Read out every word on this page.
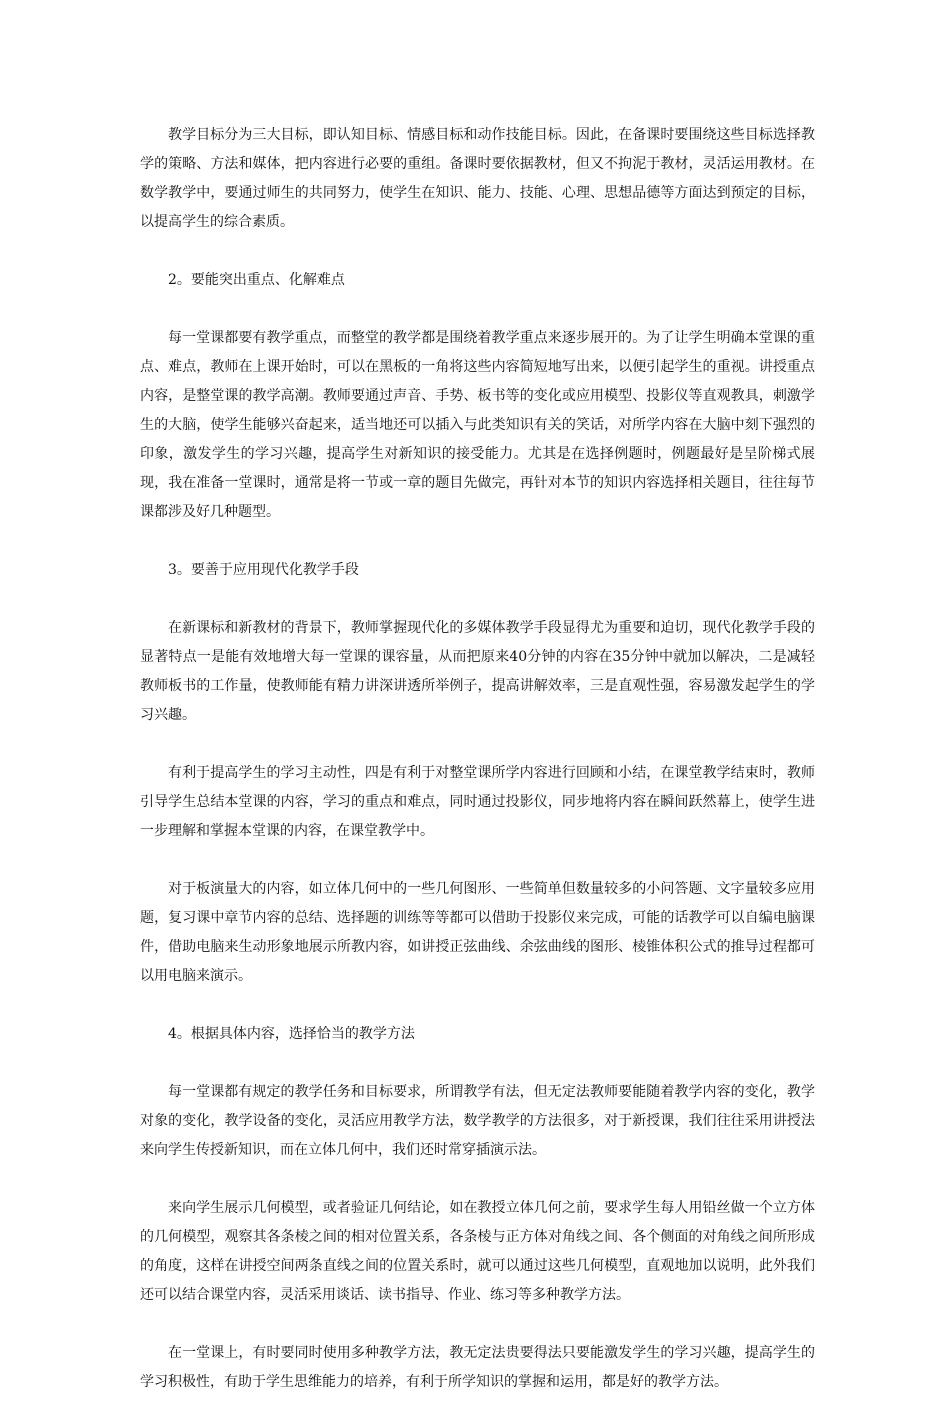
教学目标分为三大目标，即认知目标、情感目标和动作技能目标。因此，在备课时要围绕这些目标选择教学的策略、方法和媒体，把内容进行必要的重组。备课时要依据教材，但又不拘泥于教材，灵活运用教材。在数学教学中，要通过师生的共同努力，使学生在知识、能力、技能、心理、思想品德等方面达到预定的目标，以提高学生的综合素质。

2。要能突出重点、化解难点

每一堂课都要有教学重点，而整堂的教学都是围绕着教学重点来逐步展开的。为了让学生明确本堂课的重点、难点，教师在上课开始时，可以在黑板的一角将这些内容简短地写出来，以便引起学生的重视。讲授重点内容，是整堂课的教学高潮。教师要通过声音、手势、板书等的变化或应用模型、投影仪等直观教具，刺激学生的大脑，使学生能够兴奋起来，适当地还可以插入与此类知识有关的笑话，对所学内容在大脑中刻下强烈的印象，激发学生的学习兴趣，提高学生对新知识的接受能力。尤其是在选择例题时，例题最好是呈阶梯式展现，我在准备一堂课时，通常是将一节或一章的题目先做完，再针对本节的知识内容选择相关题目，往往每节课都涉及好几种题型。

3。要善于应用现代化教学手段

在新课标和新教材的背景下，教师掌握现代化的多媒体教学手段显得尤为重要和迫切，现代化教学手段的显著特点一是能有效地增大每一堂课的课容量，从而把原来40分钟的内容在35分钟中就加以解决，二是减轻教师板书的工作量，使教师能有精力讲深讲透所举例子，提高讲解效率，三是直观性强，容易激发起学生的学习兴趣。

有利于提高学生的学习主动性，四是有利于对整堂课所学内容进行回顾和小结，在课堂教学结束时，教师引导学生总结本堂课的内容，学习的重点和难点，同时通过投影仪，同步地将内容在瞬间跃然幕上，使学生进一步理解和掌握本堂课的内容，在课堂教学中。

对于板演量大的内容，如立体几何中的一些几何图形、一些简单但数量较多的小问答题、文字量较多应用题，复习课中章节内容的总结、选择题的训练等等都可以借助于投影仪来完成，可能的话教学可以自编电脑课件，借助电脑来生动形象地展示所教内容，如讲授正弦曲线、余弦曲线的图形、棱锥体积公式的推导过程都可以用电脑来演示。

4。根据具体内容，选择恰当的教学方法

每一堂课都有规定的教学任务和目标要求，所谓教学有法，但无定法教师要能随着教学内容的变化，教学对象的变化，教学设备的变化，灵活应用教学方法，数学教学的方法很多，对于新授课，我们往往采用讲授法来向学生传授新知识，而在立体几何中，我们还时常穿插演示法。

来向学生展示几何模型，或者验证几何结论，如在教授立体几何之前，要求学生每人用铅丝做一个立方体的几何模型，观察其各条棱之间的相对位置关系，各条棱与正方体对角线之间、各个侧面的对角线之间所形成的角度，这样在讲授空间两条直线之间的位置关系时，就可以通过这些几何模型，直观地加以说明，此外我们还可以结合课堂内容，灵活采用谈话、读书指导、作业、练习等多种教学方法。

在一堂课上，有时要同时使用多种教学方法，教无定法贵要得法只要能激发学生的学习兴趣，提高学生的学习积极性，有助于学生思维能力的培养，有利于所学知识的掌握和运用，都是好的教学方法。
